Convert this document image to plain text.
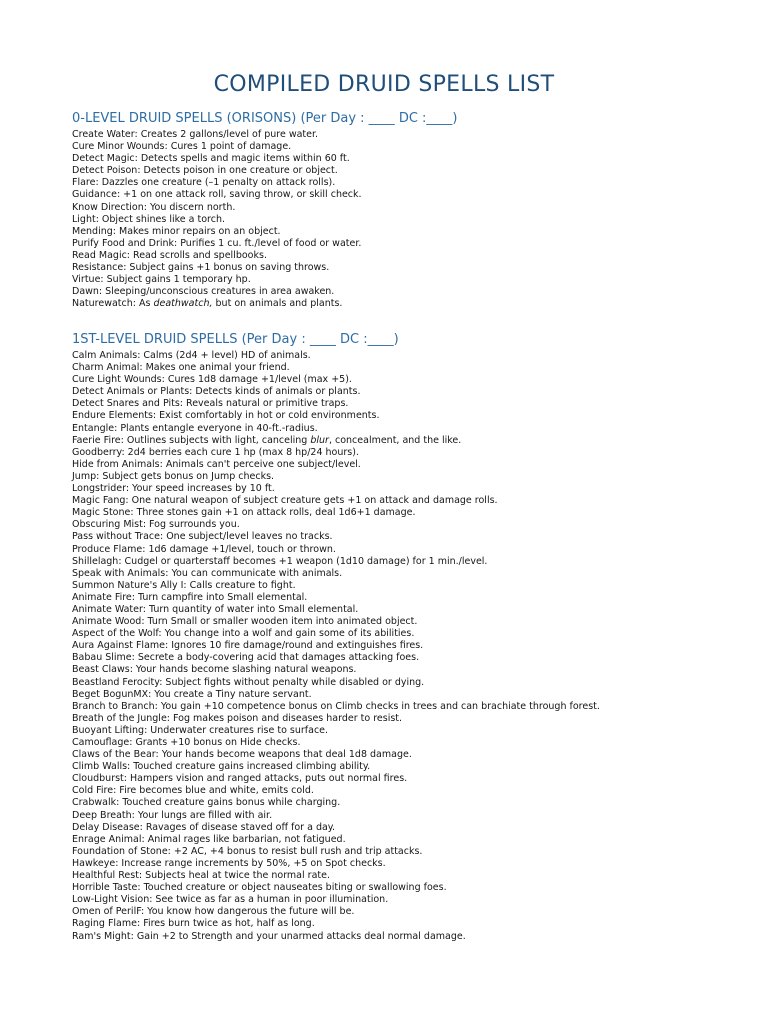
COMPILED DRUID SPELLS LIST
0-LEVEL DRUID SPELLS (ORISONS) (Per Day : ____ DC :____)
Create Water: Creates 2 gallons/level of pure water.
Cure Minor Wounds: Cures 1 point of damage.
Detect Magic: Detects spells and magic items within 60 ft.
Detect Poison: Detects poison in one creature or object.
Flare: Dazzles one creature (–1 penalty on attack rolls).
Guidance: +1 on one attack roll, saving throw, or skill check.
Know Direction: You discern north.
Light: Object shines like a torch.
Mending: Makes minor repairs on an object.
Purify Food and Drink: Purifies 1 cu. ft./level of food or water.
Read Magic: Read scrolls and spellbooks.
Resistance: Subject gains +1 bonus on saving throws.
Virtue: Subject gains 1 temporary hp.
Dawn: Sleeping/unconscious creatures in area awaken.
Naturewatch: As deathwatch, but on animals and plants.
1ST-LEVEL DRUID SPELLS (Per Day : ____ DC :____)
Calm Animals: Calms (2d4 + level) HD of animals.
Charm Animal: Makes one animal your friend.
Cure Light Wounds: Cures 1d8 damage +1/level (max +5).
Detect Animals or Plants: Detects kinds of animals or plants.
Detect Snares and Pits: Reveals natural or primitive traps.
Endure Elements: Exist comfortably in hot or cold environments.
Entangle: Plants entangle everyone in 40-ft.-radius.
Faerie Fire: Outlines subjects with light, canceling blur, concealment, and the like.
Goodberry: 2d4 berries each cure 1 hp (max 8 hp/24 hours).
Hide from Animals: Animals can't perceive one subject/level.
Jump: Subject gets bonus on Jump checks.
Longstrider: Your speed increases by 10 ft.
Magic Fang: One natural weapon of subject creature gets +1 on attack and damage rolls.
Magic Stone: Three stones gain +1 on attack rolls, deal 1d6+1 damage.
Obscuring Mist: Fog surrounds you.
Pass without Trace: One subject/level leaves no tracks.
Produce Flame: 1d6 damage +1/level, touch or thrown.
Shillelagh: Cudgel or quarterstaff becomes +1 weapon (1d10 damage) for 1 min./level.
Speak with Animals: You can communicate with animals.
Summon Nature's Ally I: Calls creature to fight.
Animate Fire: Turn campfire into Small elemental.
Animate Water: Turn quantity of water into Small elemental.
Animate Wood: Turn Small or smaller wooden item into animated object.
Aspect of the Wolf: You change into a wolf and gain some of its abilities.
Aura Against Flame: Ignores 10 fire damage/round and extinguishes fires.
Babau Slime: Secrete a body-covering acid that damages attacking foes.
Beast Claws: Your hands become slashing natural weapons.
Beastland Ferocity: Subject fights without penalty while disabled or dying.
Beget BogunMX: You create a Tiny nature servant.
Branch to Branch: You gain +10 competence bonus on Climb checks in trees and can brachiate through forest.
Breath of the Jungle: Fog makes poison and diseases harder to resist.
Buoyant Lifting: Underwater creatures rise to surface.
Camouflage: Grants +10 bonus on Hide checks.
Claws of the Bear: Your hands become weapons that deal 1d8 damage.
Climb Walls: Touched creature gains increased climbing ability.
Cloudburst: Hampers vision and ranged attacks, puts out normal fires.
Cold Fire: Fire becomes blue and white, emits cold.
Crabwalk: Touched creature gains bonus while charging.
Deep Breath: Your lungs are filled with air.
Delay Disease: Ravages of disease staved off for a day.
Enrage Animal: Animal rages like barbarian, not fatigued.
Foundation of Stone: +2 AC, +4 bonus to resist bull rush and trip attacks.
Hawkeye: Increase range increments by 50%, +5 on Spot checks.
Healthful Rest: Subjects heal at twice the normal rate.
Horrible Taste: Touched creature or object nauseates biting or swallowing foes.
Low-Light Vision: See twice as far as a human in poor illumination.
Omen of PerilF: You know how dangerous the future will be.
Raging Flame: Fires burn twice as hot, half as long.
Ram's Might: Gain +2 to Strength and your unarmed attacks deal normal damage.
